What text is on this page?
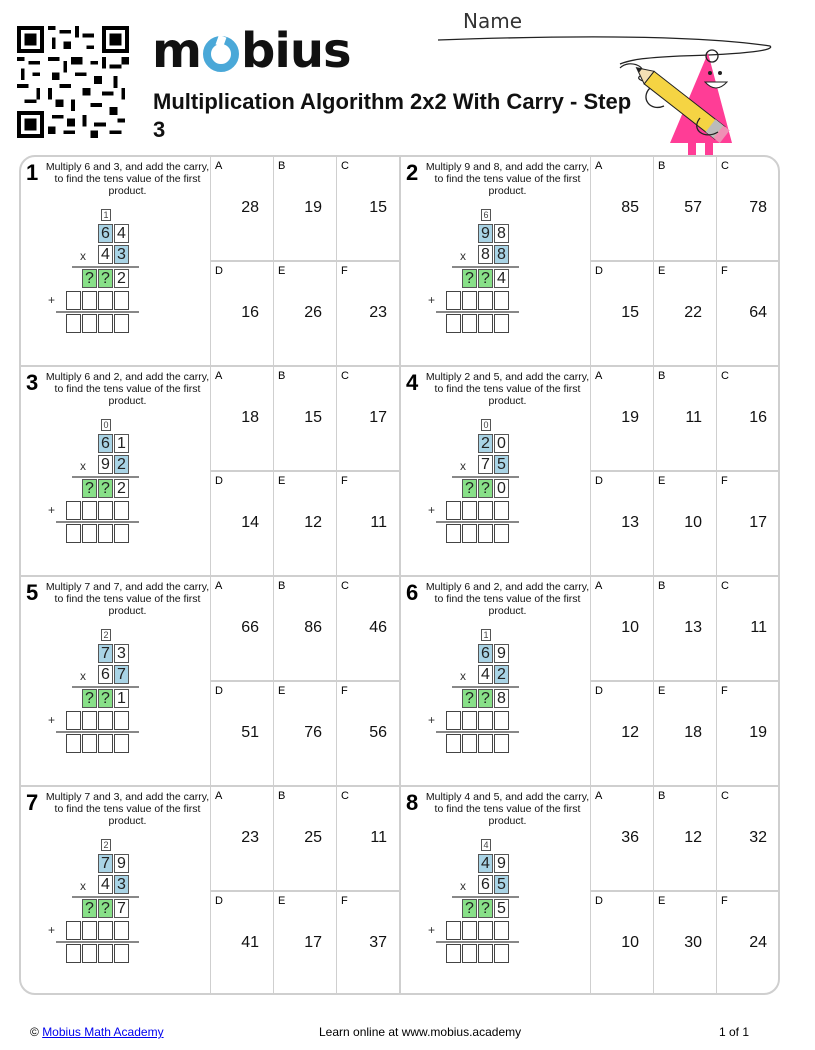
m bius
Multiplication Algorithm 2x2 With Carry - Step 3
Name
1 Multiply 6 and 3, and add the carry, to find the tens value of the first product.
1
6 4
x 4 3
? ? 2
+
A
28
B
19
C
15
D
16
E
26
F
23
2 Multiply 9 and 8, and add the carry, to find the tens value of the first product.
6
9 8
x 8 8
? ? 4
+
A
85
B
57
C
78
D
15
E
22
F
64
3 Multiply 6 and 2, and add the carry, to find the tens value of the first product.
0
6 1
x 9 2
? ? 2
+
A
18
B
15
C
17
D
14
E
12
F
11
4 Multiply 2 and 5, and add the carry, to find the tens value of the first product.
0
2 0
x 7 5
? ? 0
+
A
19
B
11
C
16
D
13
E
10
F
17
5 Multiply 7 and 7, and add the carry, to find the tens value of the first product.
2
7 3
x 6 7
? ? 1
+
A
66
B
86
C
46
D
51
E
76
F
56
6 Multiply 6 and 2, and add the carry, to find the tens value of the first product.
1
6 9
x 4 2
? ? 8
+
A
10
B
13
C
11
D
12
E
18
F
19
7 Multiply 7 and 3, and add the carry, to find the tens value of the first product.
2
7 9
x 4 3
? ? 7
+
A
23
B
25
C
11
D
41
E
17
F
37
8 Multiply 4 and 5, and add the carry, to find the tens value of the first product.
4
4 9
x 6 5
? ? 5
+
A
36
B
12
C
32
D
10
E
30
F
24
© Mobius Math Academy	Learn online at www.mobius.academy	1 of 1
